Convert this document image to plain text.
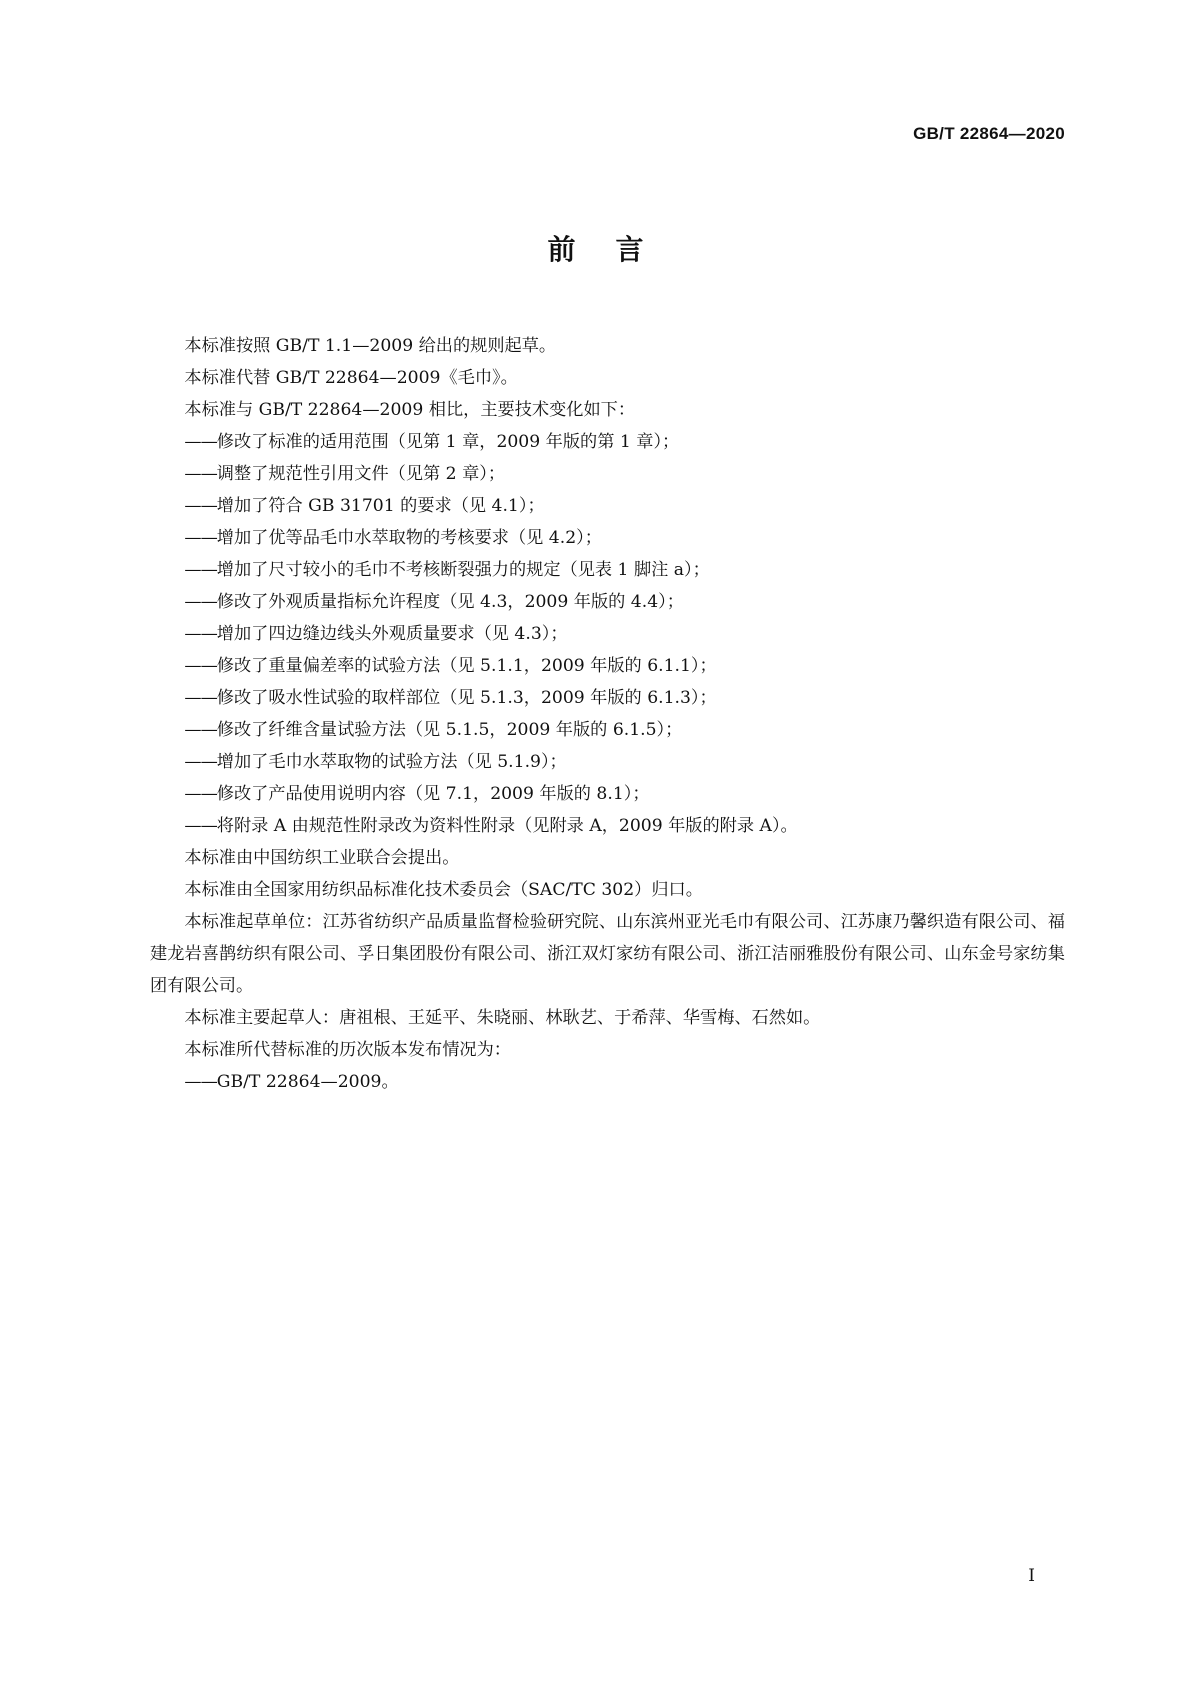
GB/T 22864—2020
前言

本标准按照 GB/T 1.1—2009 给出的规则起草。

本标准代替 GB/T 22864—2009《毛巾》。

本标准与 GB/T 22864—2009 相比，主要技术变化如下：

——修改了标准的适用范围（见第 1 章，2009 年版的第 1 章）；

——调整了规范性引用文件（见第 2 章）；

——增加了符合 GB 31701 的要求（见 4.1）；

——增加了优等品毛巾水萃取物的考核要求（见 4.2）；

——增加了尺寸较小的毛巾不考核断裂强力的规定（见表 1 脚注 a）；

——修改了外观质量指标允许程度（见 4.3，2009 年版的 4.4）；

——增加了四边缝边线头外观质量要求（见 4.3）；

——修改了重量偏差率的试验方法（见 5.1.1，2009 年版的 6.1.1）；

——修改了吸水性试验的取样部位（见 5.1.3，2009 年版的 6.1.3）；

——修改了纤维含量试验方法（见 5.1.5，2009 年版的 6.1.5）；

——增加了毛巾水萃取物的试验方法（见 5.1.9）；

——修改了产品使用说明内容（见 7.1，2009 年版的 8.1）；

——将附录 A 由规范性附录改为资料性附录（见附录 A，2009 年版的附录 A）。

本标准由中国纺织工业联合会提出。

本标准由全国家用纺织品标准化技术委员会（SAC/TC 302）归口。

本标准起草单位：江苏省纺织产品质量监督检验研究院、山东滨州亚光毛巾有限公司、江苏康乃馨织造有限公司、福建龙岩喜鹊纺织有限公司、孚日集团股份有限公司、浙江双灯家纺有限公司、浙江洁丽雅股份有限公司、山东金号家纺集团有限公司。

本标准主要起草人：唐祖根、王延平、朱晓丽、林耿艺、于希萍、华雪梅、石然如。

本标准所代替标准的历次版本发布情况为：

——GB/T 22864—2009。

I
